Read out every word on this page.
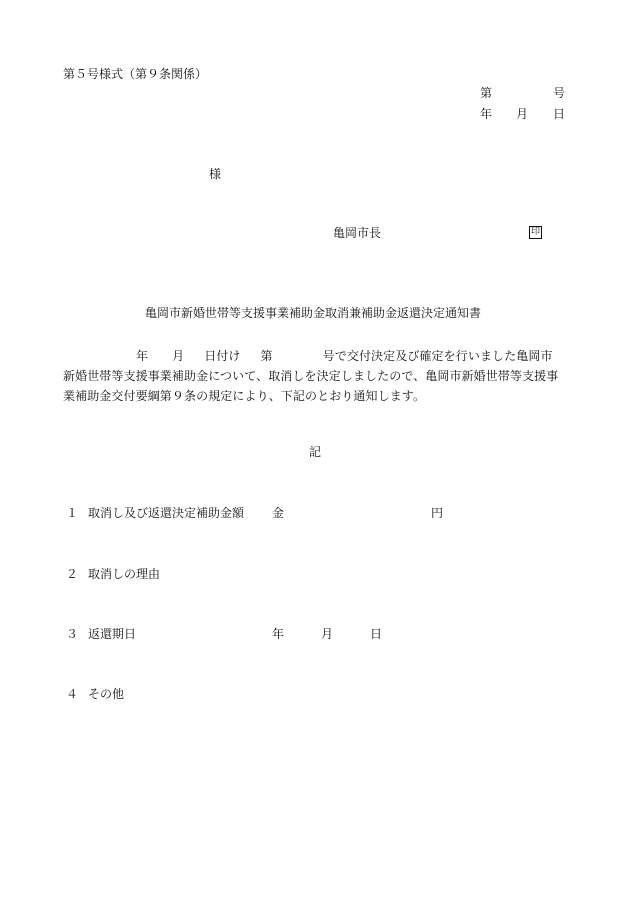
第５号様式（第９条関係）
第	号
年 月 日
様
亀岡市長	印
亀岡市新婚世帯等支援事業補助金取消兼補助金返還決定通知書
年 月 日付け 第	号で交付決定及び確定を行いました亀岡市
新婚世帯等支援事業補助金について、取消しを決定しましたので、亀岡市新婚世帯等支援事
業補助金交付要綱第９条の規定により、下記のとおり通知します。
記
１ 取消し及び返還決定補助金額 金	円
２ 取消しの理由
３ 返還期日	年	月	日
４ その他
